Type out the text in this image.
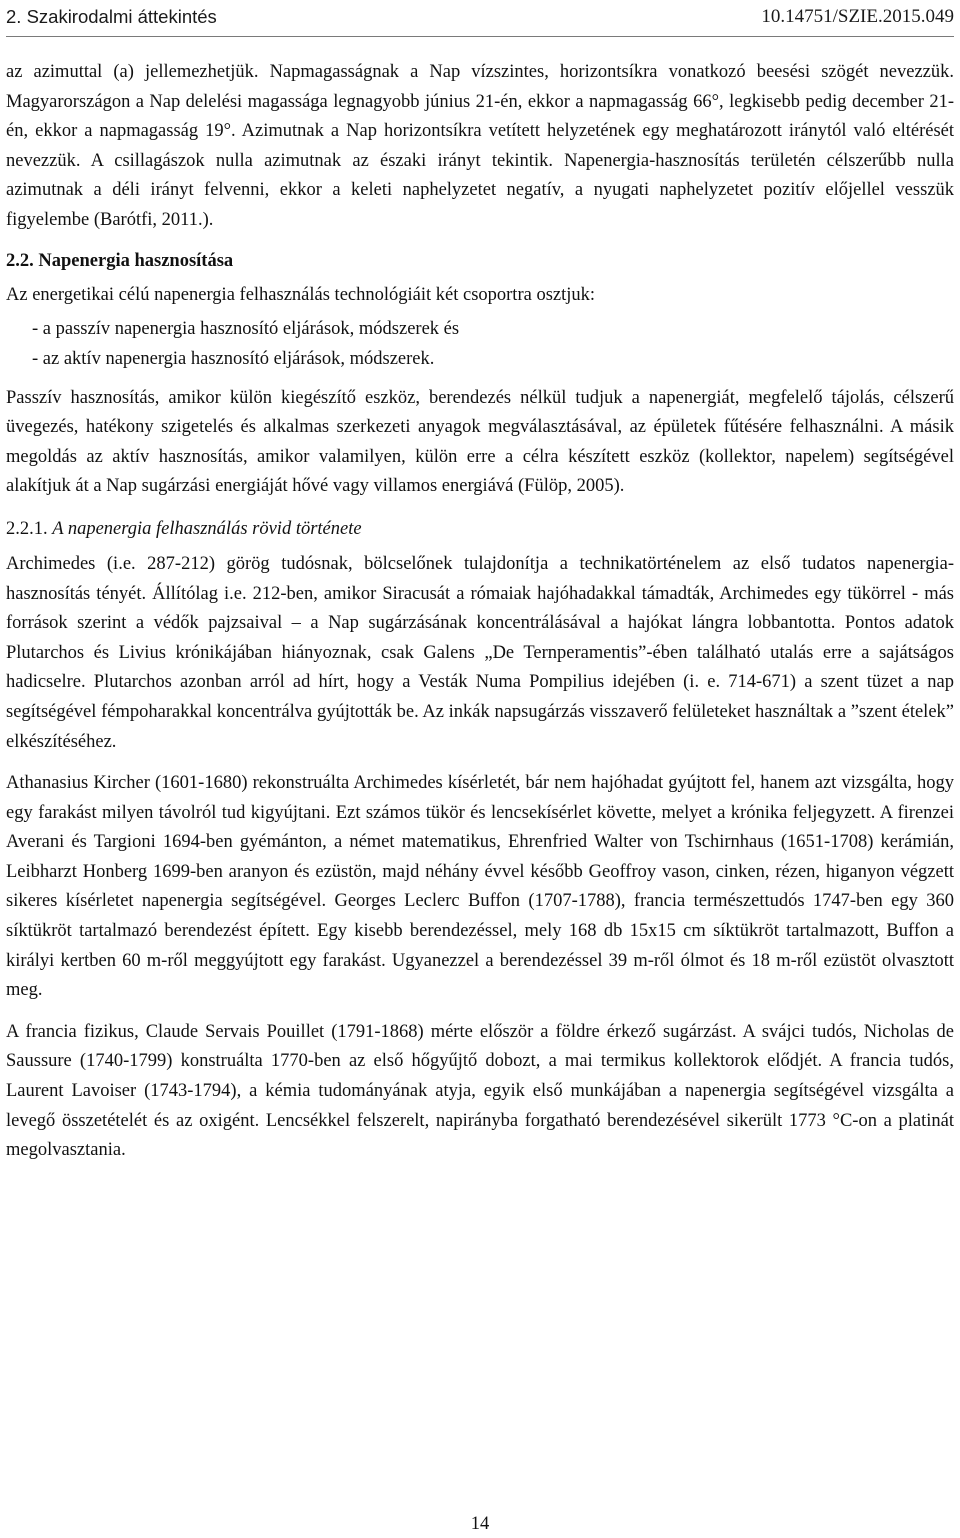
2. Szakirodalmi áttekintés	10.14751/SZIE.2015.049

az azimuttal (a) jellemezhetjük. Napmagasságnak a Nap vízszintes, horizontsíkra vonatkozó beesési szögét nevezzük. Magyarországon a Nap delelési magassága legnagyobb június 21-én, ekkor a napmagasság 66°, legkisebb pedig december 21-én, ekkor a napmagasság 19°. Azimutnak a Nap horizontsíkra vetített helyzetének egy meghatározott iránytól való eltérését nevezzük. A csillagászok nulla azimutnak az északi irányt tekintik. Napenergia-hasznosítás területén célszerűbb nulla azimutnak a déli irányt felvenni, ekkor a keleti naphelyzetet negatív, a nyugati naphelyzetet pozitív előjellel vesszük figyelembe (Barótfi, 2011.).

2.2. Napenergia hasznosítása

Az energetikai célú napenergia felhasználás technológiáit két csoportra osztjuk:

- a passzív napenergia hasznosító eljárások, módszerek és
- az aktív napenergia hasznosító eljárások, módszerek.

Passzív hasznosítás, amikor külön kiegészítő eszköz, berendezés nélkül tudjuk a napenergiát, megfelelő tájolás, célszerű üvegezés, hatékony szigetelés és alkalmas szerkezeti anyagok megválasztásával, az épületek fűtésére felhasználni. A másik megoldás az aktív hasznosítás, amikor valamilyen, külön erre a célra készített eszköz (kollektor, napelem) segítségével alakítjuk át a Nap sugárzási energiáját hővé vagy villamos energiává (Fülöp, 2005).

2.2.1. A napenergia felhasználás rövid története

Archimedes (i.e. 287-212) görög tudósnak, bölcselőnek tulajdonítja a technikatörténelem az első tudatos napenergia-hasznosítás tényét. Állítólag i.e. 212-ben, amikor Siracusát a rómaiak hajóhadakkal támadták, Archimedes egy tükörrel - más források szerint a védők pajzsaival – a Nap sugárzásának koncentrálásával a hajókat lángra lobbantotta. Pontos adatok Plutarchos és Livius krónikájában hiányoznak, csak Galens „De Ternperamentis”-ében található utalás erre a sajátságos hadicselre. Plutarchos azonban arról ad hírt, hogy a Vesták Numa Pompilius idejében (i. e. 714-671) a szent tüzet a nap segítségével fémpoharakkal koncentrálva gyújtották be. Az inkák napsugárzás visszaverő felületeket használtak a ”szent ételek” elkészítéséhez.

Athanasius Kircher (1601-1680) rekonstruálta Archimedes kísérletét, bár nem hajóhadat gyújtott fel, hanem azt vizsgálta, hogy egy farakást milyen távolról tud kigyújtani. Ezt számos tükör és lencsekísérlet követte, melyet a krónika feljegyzett. A firenzei Averani és Targioni 1694-ben gyémánton, a német matematikus, Ehrenfried Walter von Tschirnhaus (1651-1708) kerámián, Leibharzt Honberg 1699-ben aranyon és ezüstön, majd néhány évvel később Geoffroy vason, cinken, rézen, higanyon végzett sikeres kísérletet napenergia segítségével. Georges Leclerc Buffon (1707-1788), francia természettudós 1747-ben egy 360 síktükröt tartalmazó berendezést épített. Egy kisebb berendezéssel, mely 168 db 15x15 cm síktükröt tartalmazott, Buffon a királyi kertben 60 m-ről meggyújtott egy farakást. Ugyanezzel a berendezéssel 39 m-ről ólmot és 18 m-ről ezüstöt olvasztott meg.

A francia fizikus, Claude Servais Pouillet (1791-1868) mérte először a földre érkező sugárzást. A svájci tudós, Nicholas de Saussure (1740-1799) konstruálta 1770-ben az első hőgyűjtő dobozt, a mai termikus kollektorok elődjét. A francia tudós, Laurent Lavoiser (1743-1794), a kémia tudományának atyja, egyik első munkájában a napenergia segítségével vizsgálta a levegő összetételét és az oxigént. Lencsékkel felszerelt, napirányba forgatható berendezésével sikerült 1773 °C-on a platinát megolvasztania.

14
